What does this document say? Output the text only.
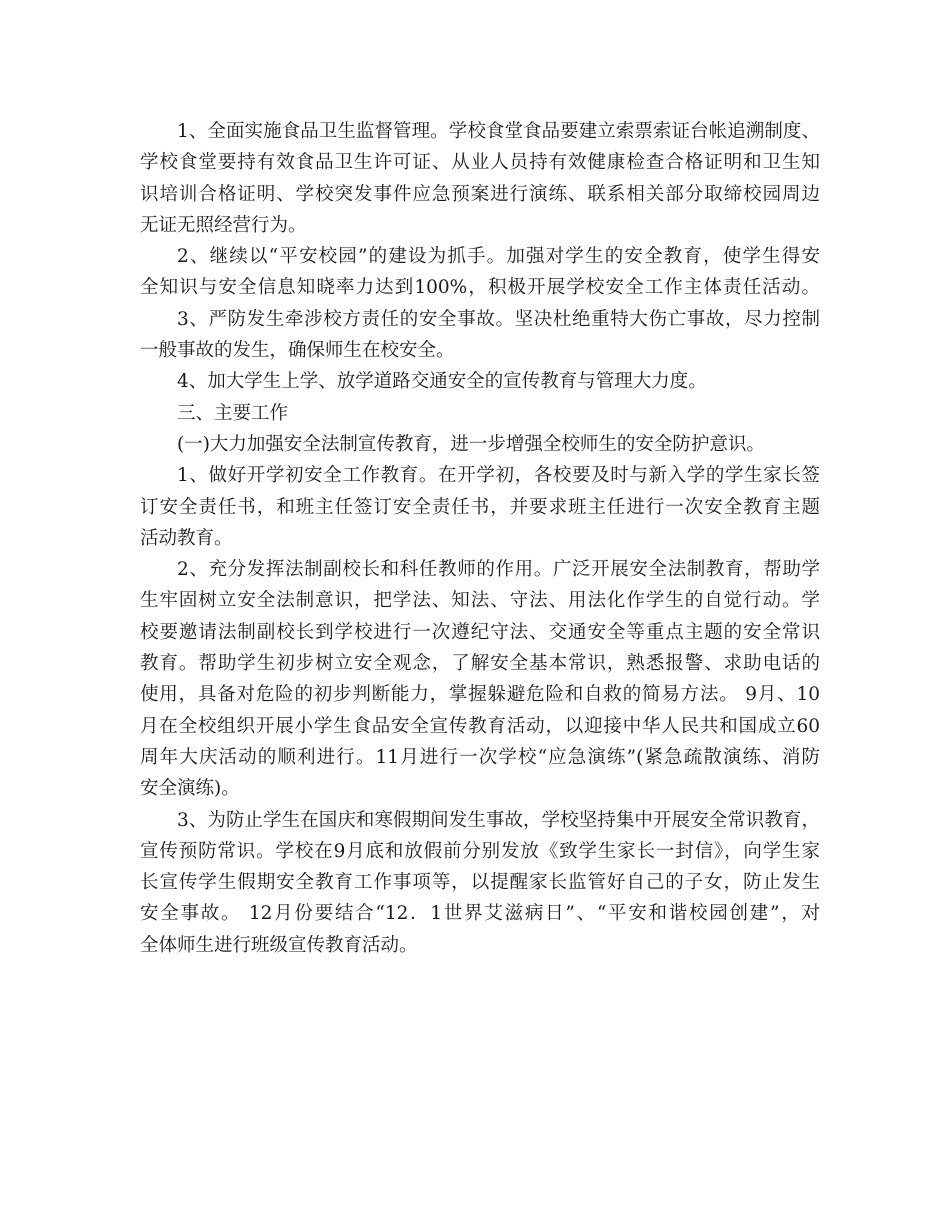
1、全面实施食品卫生监督管理。学校食堂食品要建立索票索证台帐追溯制度、
学校食堂要持有效食品卫生许可证、从业人员持有效健康检查合格证明和卫生知
识培训合格证明、学校突发事件应急预案进行演练、联系相关部分取缔校园周边
无证无照经营行为。
2、继续以“平安校园”的建设为抓手。加强对学生的安全教育，使学生得安
全知识与安全信息知晓率力达到100%，积极开展学校安全工作主体责任活动。
3、严防发生牵涉校方责任的安全事故。坚决杜绝重特大伤亡事故，尽力控制
一般事故的发生，确保师生在校安全。
4、加大学生上学、放学道路交通安全的宣传教育与管理大力度。
三、主要工作
(一)大力加强安全法制宣传教育，进一步增强全校师生的安全防护意识。
1、做好开学初安全工作教育。在开学初，各校要及时与新入学的学生家长签
订安全责任书，和班主任签订安全责任书，并要求班主任进行一次安全教育主题
活动教育。
2、充分发挥法制副校长和科任教师的作用。广泛开展安全法制教育，帮助学
生牢固树立安全法制意识，把学法、知法、守法、用法化作学生的自觉行动。学
校要邀请法制副校长到学校进行一次遵纪守法、交通安全等重点主题的安全常识
教育。帮助学生初步树立安全观念，了解安全基本常识，熟悉报警、求助电话的
使用，具备对危险的初步判断能力，掌握躲避危险和自救的简易方法。 9月、10
月在全校组织开展小学生食品安全宣传教育活动，以迎接中华人民共和国成立60
周年大庆活动的顺利进行。11月进行一次学校“应急演练”(紧急疏散演练、消防
安全演练)。
3、为防止学生在国庆和寒假期间发生事故，学校坚持集中开展安全常识教育，
宣传预防常识。学校在9月底和放假前分别发放《致学生家长一封信》，向学生家
长宣传学生假期安全教育工作事项等，以提醒家长监管好自己的子女，防止发生
安全事故。 12月份要结合“12．1世界艾滋病日”、“平安和谐校园创建”，对
全体师生进行班级宣传教育活动。
